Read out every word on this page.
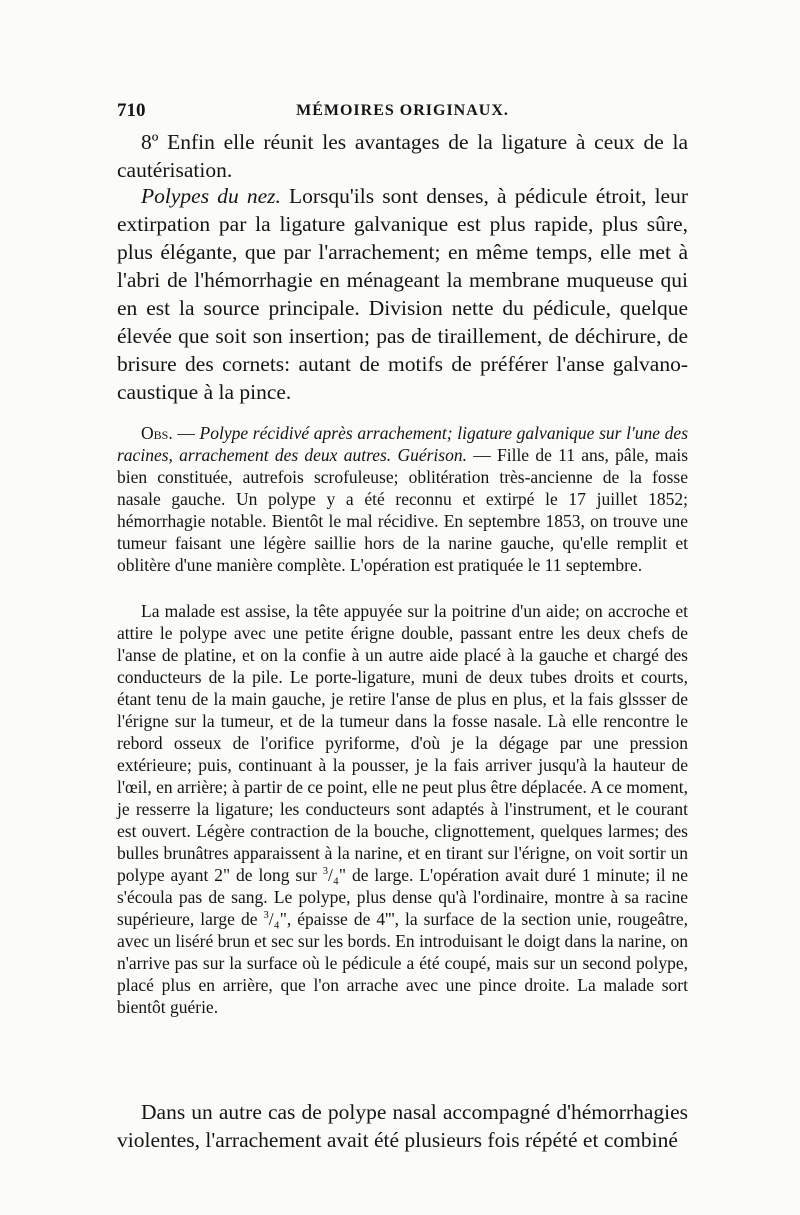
710	MÉMOIRES ORIGINAUX.

8º Enfin elle réunit les avantages de la ligature à ceux de la cautérisation.

Polypes du nez. Lorsqu'ils sont denses, à pédicule étroit, leur extirpation par la ligature galvanique est plus rapide, plus sûre, plus élégante, que par l'arrachement; en même temps, elle met à l'abri de l'hémorrhagie en ménageant la membrane muqueuse qui en est la source principale. Division nette du pédicule, quelque élevée que soit son insertion; pas de tiraillement, de déchirure, de brisure des cornets: autant de motifs de préférer l'anse galvano-caustique à la pince.

Obs. — Polype récidivé après arrachement; ligature galvanique sur l'une des racines, arrachement des deux autres. Guérison. — Fille de 11 ans, pâle, mais bien constituée, autrefois scrofuleuse; oblitération très-ancienne de la fosse nasale gauche. Un polype y a été reconnu et extirpé le 17 juillet 1852; hémorrhagie notable. Bientôt le mal récidive. En septembre 1853, on trouve une tumeur faisant une légère saillie hors de la narine gauche, qu'elle remplit et oblitère d'une manière complète. L'opération est pratiquée le 11 septembre.

La malade est assise, la tête appuyée sur la poitrine d'un aide; on accroche et attire le polype avec une petite érigne double, passant entre les deux chefs de l'anse de platine, et on la confie à un autre aide placé à la gauche et chargé des conducteurs de la pile. Le porte-ligature, muni de deux tubes droits et courts, étant tenu de la main gauche, je retire l'anse de plus en plus, et la fais glssser de l'érigne sur la tumeur, et de la tumeur dans la fosse nasale. Là elle rencontre le rebord osseux de l'orifice pyriforme, d'où je la dégage par une pression extérieure; puis, continuant à la pousser, je la fais arriver jusqu'à la hauteur de l'œil, en arrière; à partir de ce point, elle ne peut plus être déplacée. A ce moment, je resserre la ligature; les conducteurs sont adaptés à l'instrument, et le courant est ouvert. Légère contraction de la bouche, clignottement, quelques larmes; des bulles brunâtres apparaissent à la narine, et en tirant sur l'érigne, on voit sortir un polype ayant 2" de long sur $^3$/₄" de large. L'opération avait duré 1 minute; il ne s'écoula pas de sang. Le polype, plus dense qu'à l'ordinaire, montre à sa racine supérieure, large de $^3$/₄", épaisse de 4''', la surface de la section unie, rougeâtre, avec un liséré brun et sec sur les bords. En introduisant le doigt dans la narine, on n'arrive pas sur la surface où le pédicule a été coupé, mais sur un second polype, placé plus en arrière, que l'on arrache avec une pince droite. La malade sort bientôt guérie.

Dans un autre cas de polype nasal accompagné d'hémorrhagies violentes, l'arrachement avait été plusieurs fois répété et combiné
